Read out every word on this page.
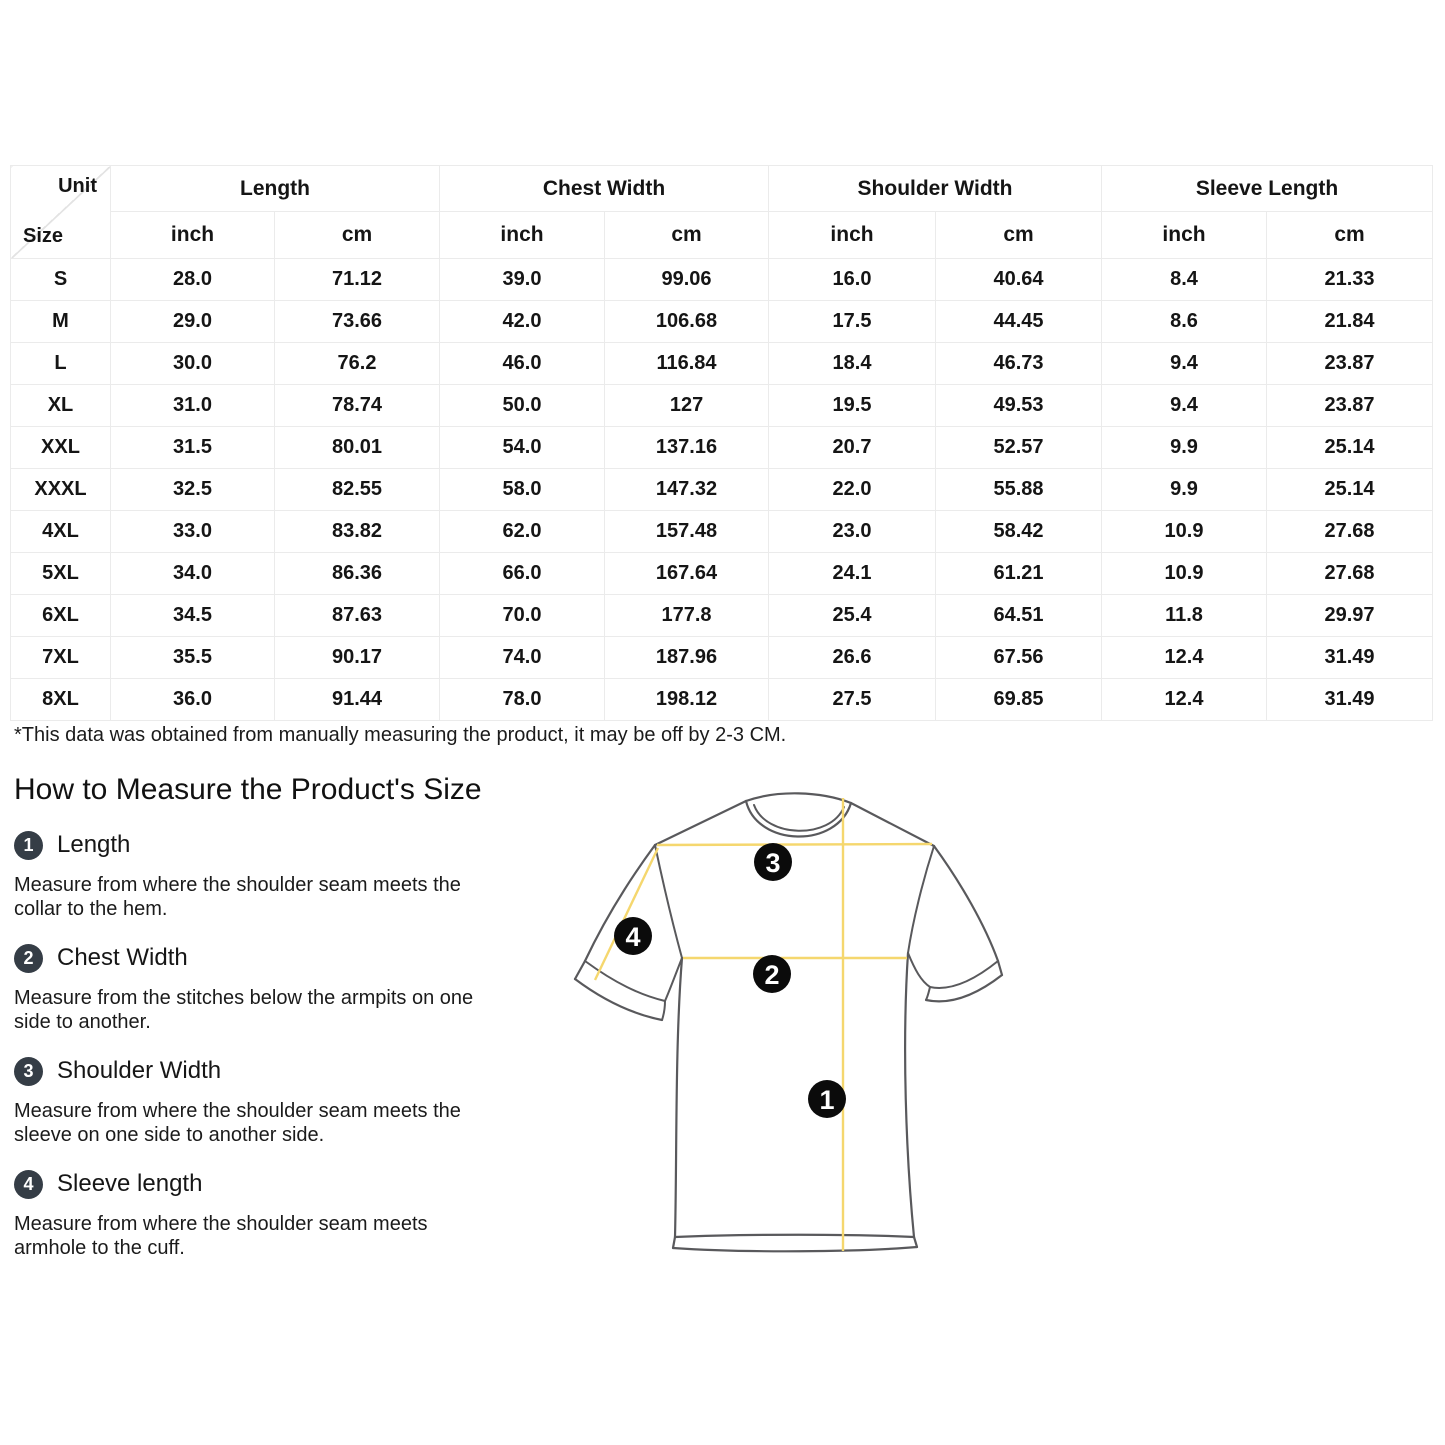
Unit
Size	Length		Chest Width		Shoulder Width		Sleeve Length	
	inch	cm	inch	cm	inch	cm	inch	cm
S	28.0	71.12	39.0	99.06	16.0	40.64	8.4	21.33
M	29.0	73.66	42.0	106.68	17.5	44.45	8.6	21.84
L	30.0	76.2	46.0	116.84	18.4	46.73	9.4	23.87
XL	31.0	78.74	50.0	127	19.5	49.53	9.4	23.87
XXL	31.5	80.01	54.0	137.16	20.7	52.57	9.9	25.14
XXXL	32.5	82.55	58.0	147.32	22.0	55.88	9.9	25.14
4XL	33.0	83.82	62.0	157.48	23.0	58.42	10.9	27.68
5XL	34.0	86.36	66.0	167.64	24.1	61.21	10.9	27.68
6XL	34.5	87.63	70.0	177.8	25.4	64.51	11.8	29.97
7XL	35.5	90.17	74.0	187.96	26.6	67.56	12.4	31.49
8XL	36.0	91.44	78.0	198.12	27.5	69.85	12.4	31.49
*This data was obtained from manually measuring the product, it may be off by 2-3 CM.
How to Measure the Product's Size
1 Length

Measure from where the shoulder seam meets the collar to the hem.

2 Chest Width

Measure from the stitches below the armpits on one side to another.

3 Shoulder Width

Measure from where the shoulder seam meets the sleeve on one side to another side.

4 Sleeve length

Measure from where the shoulder seam meets armhole to the cuff.

3
4
2
1
